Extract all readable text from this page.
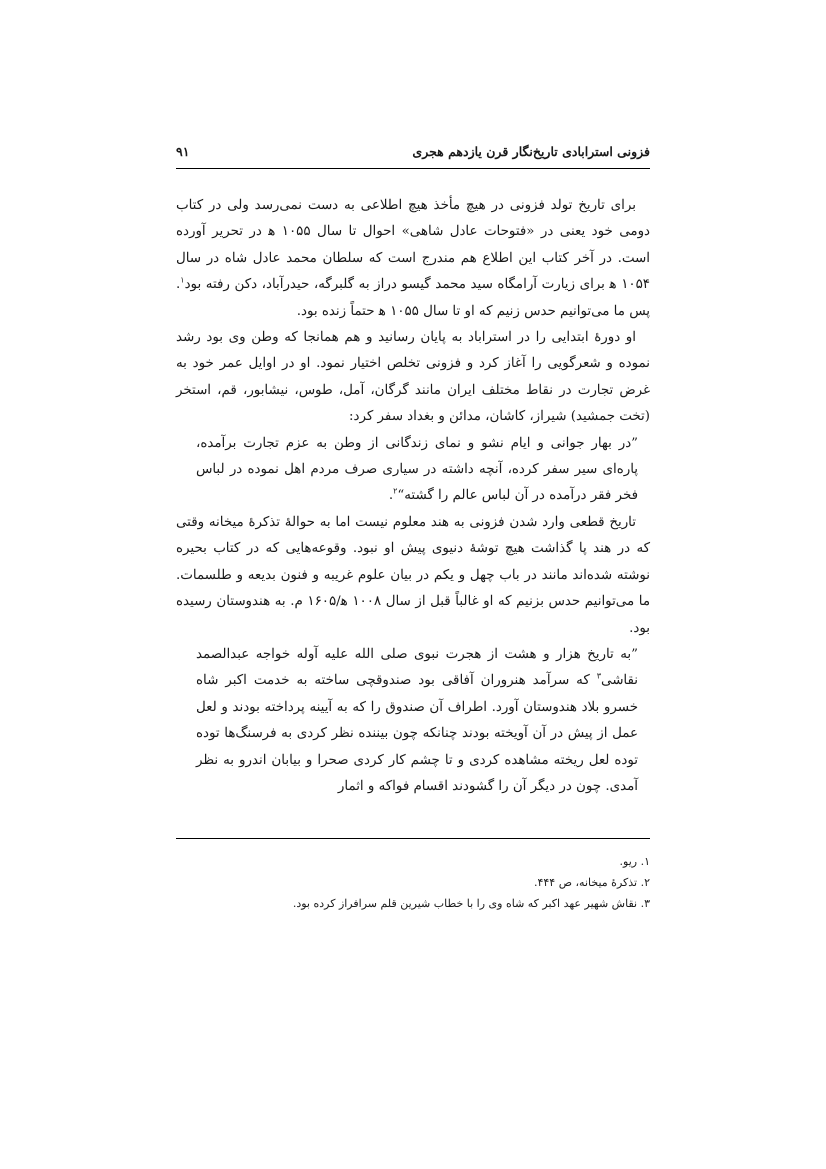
فزونی استرابادی تاریخ‌نگار قرن یازدهم هجری
۹۱

برای تاریخ تولد فزونی در هیچ مأخذ هیچ اطلاعی به دست نمی‌رسد ولی در کتاب دومی خود یعنی در «فتوحات عادل شاهی» احوال تا سال ۱۰۵۵ ﻫ در تحریر آورده است. در آخر کتاب این اطلاع هم مندرج است که سلطان محمد عادل شاه در سال ۱۰۵۴ ﻫ برای زیارت آرامگاه سید محمد گیسو دراز به گلبرگه، حیدرآباد، دکن رفته بود$^۱$. پس ما می‌توانیم حدس زنیم که او تا سال ۱۰۵۵ ﻫ حتماً زنده بود.

او دورهٔ ابتدایی را در استراباد به پایان رسانید و هم همانجا که وطن وی بود رشد نموده و شعرگویی را آغاز کرد و فزونی تخلص اختیار نمود. او در اوایل عمر خود به غرض تجارت در نقاط مختلف ایران مانند گرگان، آمل، طوس، نیشابور، قم، استخر (تخت جمشید) شیراز، کاشان، مدائن و بغداد سفر کرد:

”در بهار جوانی و ایام نشو و نمای زندگانی از وطن به عزم تجارت برآمده، پاره‌ای سیر سفر کرده، آنچه داشته در سیاری صرف مردم اهل نموده در لباس فخر فقر درآمده در آن لباس عالم را گشته“$^۲$.

تاریخ قطعی وارد شدن فزونی به هند معلوم نیست اما به حوالهٔ تذکرهٔ میخانه وقتی که در هند پا گذاشت هیچ توشهٔ دنیوی پیش او نبود. وقوعه‌هایی که در کتاب بحیره نوشته شده‌اند مانند در باب چهل و یکم در بیان علوم غریبه و فنون بدیعه و طلسمات. ما می‌توانیم حدس بزنیم که او غالباً قبل از سال ۱۰۰۸ ﻫ/۱۶۰۵ م. به هندوستان رسیده بود.

”به تاریخ هزار و هشت از هجرت نبوی صلی الله علیه آوله خواجه عبدالصمد نقاشی$^۳$ که سرآمد هنروران آفاقی بود صندوقچی ساخته به خدمت اکبر شاه خسرو بلاد هندوستان آورد. اطراف آن صندوق را که به آیینه پرداخته بودند و لعل عمل از پیش در آن آویخته بودند چنانکه چون بیننده نظر کردی به فرسنگ‌ها توده توده لعل ریخته مشاهده کردی و تا چشم کار کردی صحرا و بیابان اندرو به نظر آمدی. چون در دیگر آن را گشودند اقسام فواکه و اثمار

۱. ریو.

۲. تذکرهٔ میخانه، ص ۴۴۴.

۳. نقاش شهیر عهد اکبر که شاه وی را با خطاب شیرین قلم سرافراز کرده بود.
